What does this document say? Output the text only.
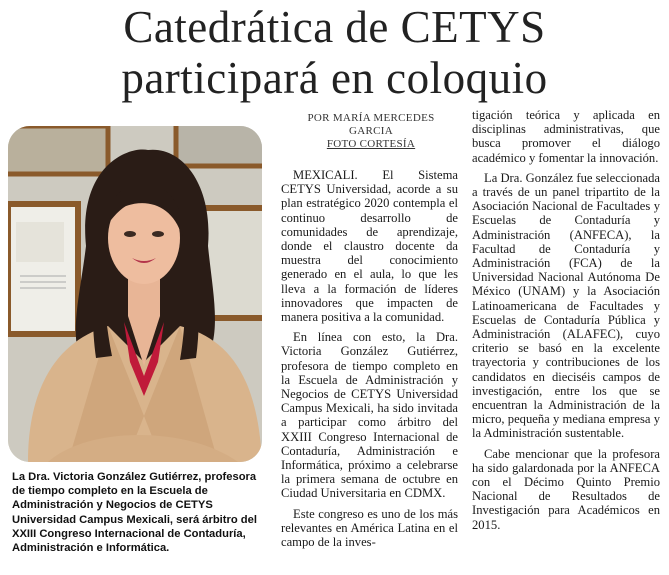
Catedrática de CETYS
participará en coloquio
POR MARÍA MERCEDES GARCIA
FOTO CORTESÍA
La Dra. Victoria González Gutiérrez, profesora de tiempo completo en la Escuela de Administración y Negocios de CETYS Universidad Campus Mexicali, será árbitro del XXIII Congreso Internacional de Contaduría, Administración e Informática.

MEXICALI. El Sistema CETYS Universidad, acorde a su plan estratégico 2020 contempla el continuo desarrollo de comunidades de aprendizaje, donde el claustro docente da muestra del conocimiento generado en el aula, lo que les lleva a la formación de líderes innovadores que impacten de manera positiva a la comunidad.

En línea con esto, la Dra. Victoria González Gutiérrez, profesora de tiempo completo en la Escuela de Administración y Negocios de CETYS Universidad Campus Mexicali, ha sido invitada a participar como árbitro del XXIII Congreso Internacional de Contaduría, Administración e Informática, próximo a celebrarse la primera semana de octubre en Ciudad Universitaria en CDMX.

Este congreso es uno de los más relevantes en América Latina en el campo de la inves-

tigación teórica y aplicada en disciplinas administrativas, que busca promover el diálogo académico y fomentar la innovación.

La Dra. González fue seleccionada a través de un panel tripartito de la Asociación Nacional de Facultades y Escuelas de Contaduría y Administración (ANFECA), la Facultad de Contaduría y Administración (FCA) de la Universidad Nacional Autónoma De México (UNAM) y la Asociación Latinoamericana de Facultades y Escuelas de Contaduría Pública y Administración (ALAFEC), cuyo criterio se basó en la excelente trayectoria y contribuciones de los candidatos en dieciséis campos de investigación, entre los que se encuentran la Administración de la micro, pequeña y mediana empresa y la Administración sustentable.

Cabe mencionar que la profesora ha sido galardonada por la ANFECA con el Décimo Quinto Premio Nacional de Resultados de Investigación para Académicos en 2015.
